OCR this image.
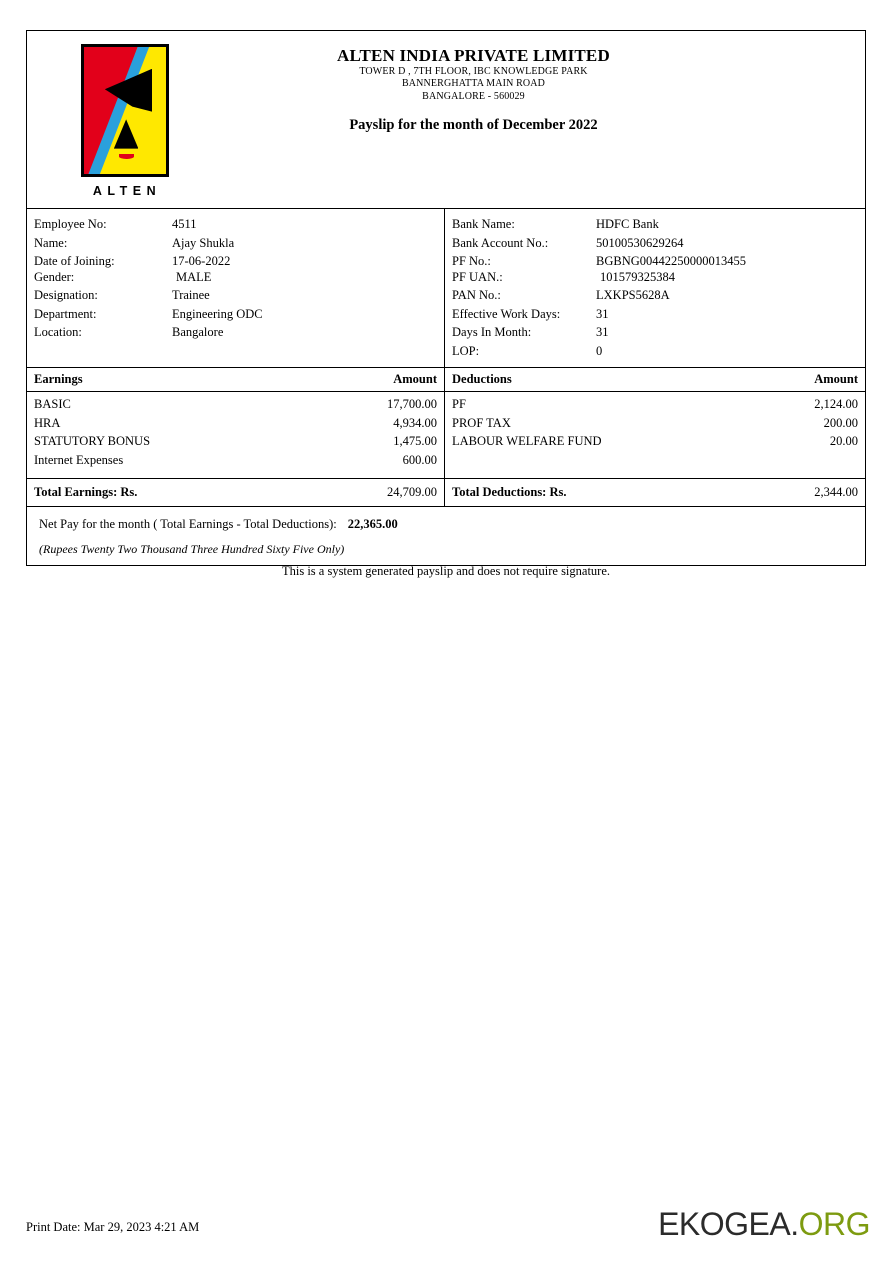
ALTEN
ALTEN INDIA PRIVATE LIMITED
TOWER D , 7TH FLOOR, IBC KNOWLEDGE PARK
BANNERGHATTA MAIN ROAD
BANGALORE - 560029
Payslip for the month of December 2022
Employee No:	4511
Name:	Ajay Shukla
Date of Joining:	17-06-2022
Gender:	MALE
Designation:	Trainee
Department:	Engineering ODC
Location:	Bangalore
Bank Name:	HDFC Bank
Bank Account No.:	50100530629264
PF No.:	BGBNG00442250000013455
PF UAN.:	101579325384
PAN No.:	LXKPS5628A
Effective Work Days:	31
Days In Month:	31
LOP:	0
Earnings	Amount
BASIC	17,700.00
HRA	4,934.00
STATUTORY BONUS	1,475.00
Internet Expenses	600.00
Total Earnings: Rs.	24,709.00
Deductions	Amount
PF	2,124.00
PROF TAX	200.00
LABOUR WELFARE FUND	20.00
Total Deductions: Rs.	2,344.00
Net Pay for the month ( Total Earnings - Total Deductions): 22,365.00
(Rupees Twenty Two Thousand Three Hundred Sixty Five Only)
This is a system generated payslip and does not require signature.
Print Date: Mar 29, 2023 4:21 AM	EKOGEA.ORG
